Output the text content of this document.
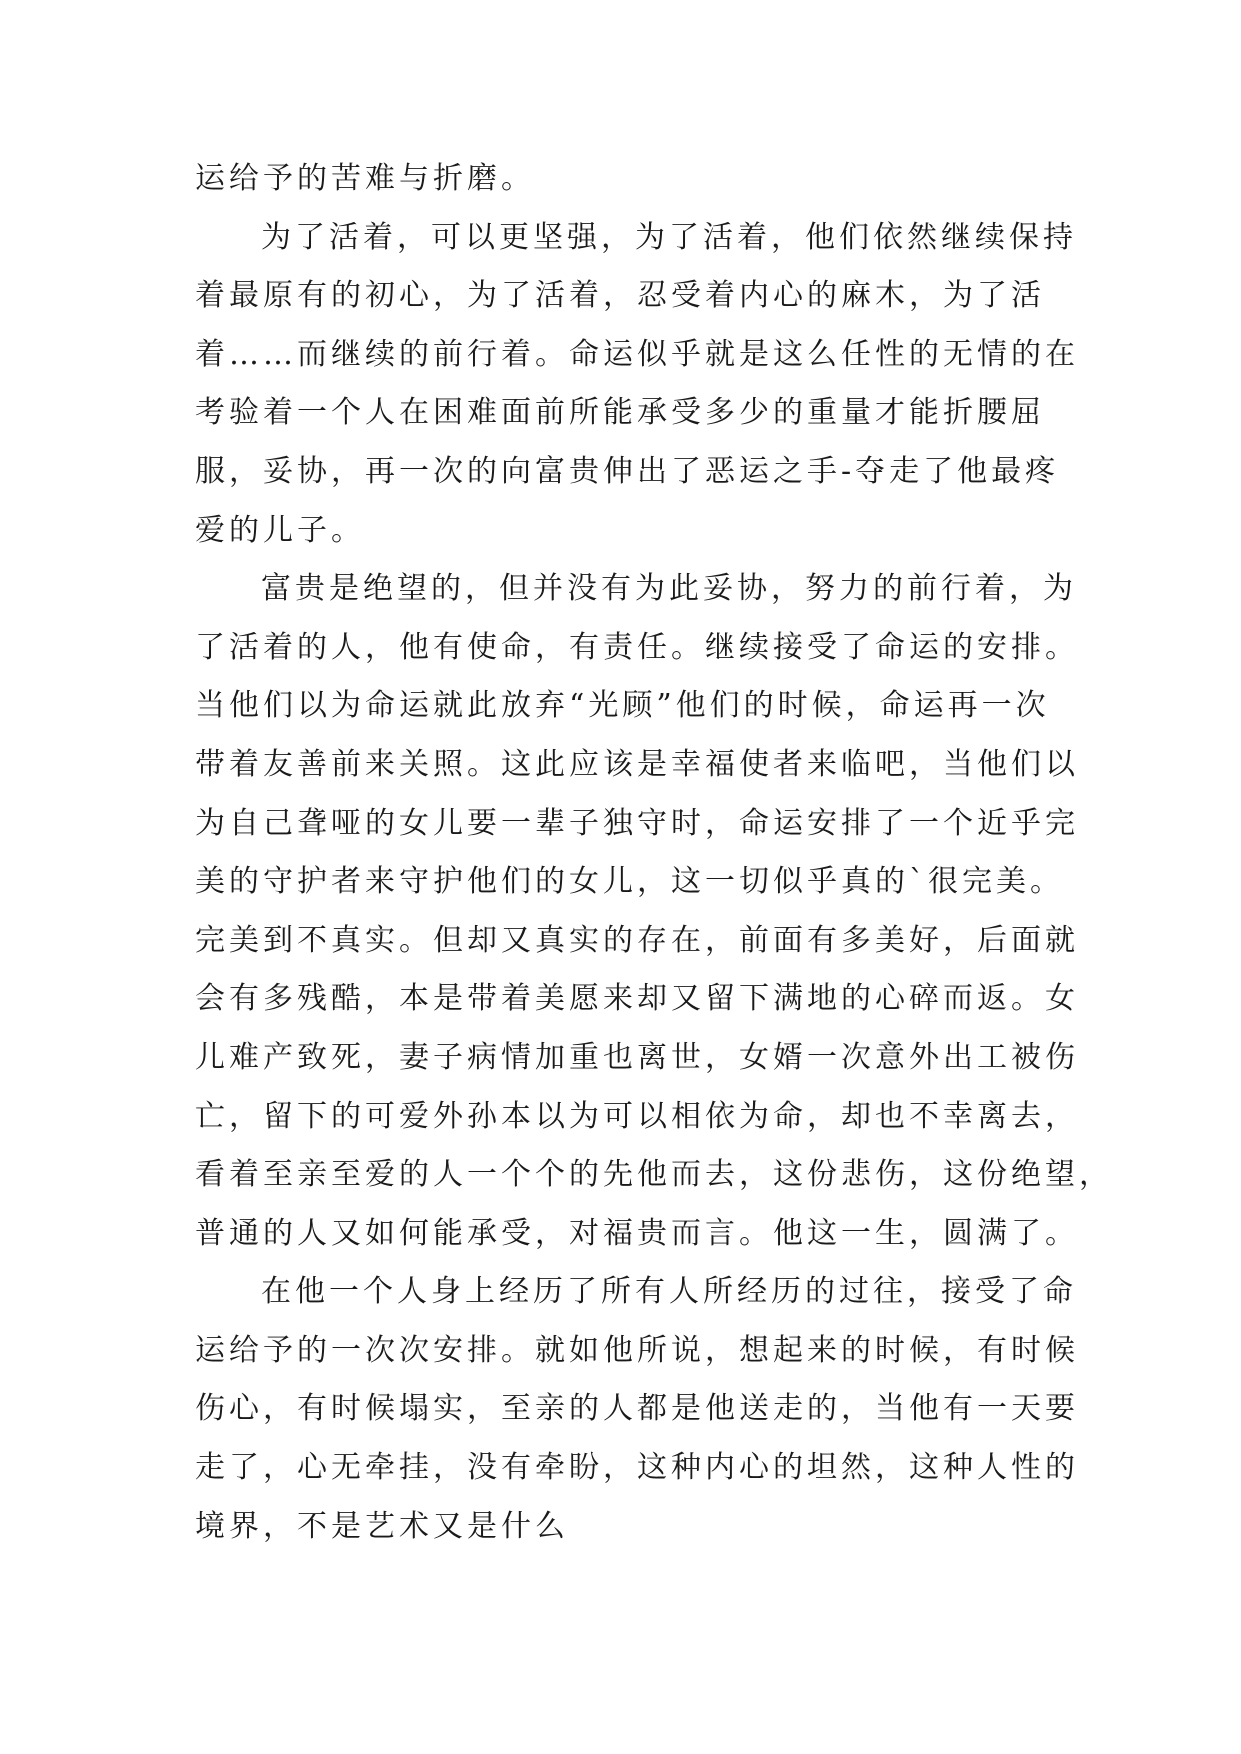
运给予的苦难与折磨。
为了活着，可以更坚强，为了活着，他们依然继续保持
着最原有的初心，为了活着，忍受着内心的麻木，为了活
着……而继续的前行着。命运似乎就是这么任性的无情的在
考验着一个人在困难面前所能承受多少的重量才能折腰屈
服，妥协，再一次的向富贵伸出了恶运之手-夺走了他最疼
爱的儿子。
富贵是绝望的，但并没有为此妥协，努力的前行着，为
了活着的人，他有使命，有责任。继续接受了命运的安排。
当他们以为命运就此放弃“光顾”他们的时候，命运再一次
带着友善前来关照。这此应该是幸福使者来临吧，当他们以
为自己聋哑的女儿要一辈子独守时，命运安排了一个近乎完
美的守护者来守护他们的女儿，这一切似乎真的`很完美。
完美到不真实。但却又真实的存在，前面有多美好，后面就
会有多残酷，本是带着美愿来却又留下满地的心碎而返。女
儿难产致死，妻子病情加重也离世，女婿一次意外出工被伤
亡，留下的可爱外孙本以为可以相依为命，却也不幸离去，
看着至亲至爱的人一个个的先他而去，这份悲伤，这份绝望，
普通的人又如何能承受，对福贵而言。他这一生，圆满了。
在他一个人身上经历了所有人所经历的过往，接受了命
运给予的一次次安排。就如他所说，想起来的时候，有时候
伤心，有时候塌实，至亲的人都是他送走的，当他有一天要
走了，心无牵挂，没有牵盼，这种内心的坦然，这种人性的
境界，不是艺术又是什么
